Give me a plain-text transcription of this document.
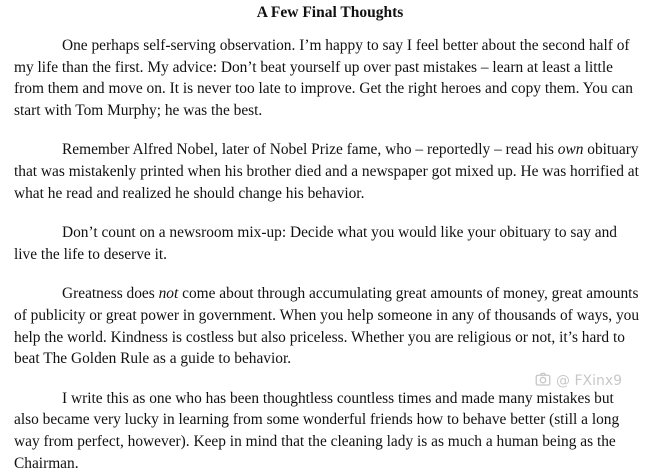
A Few Final Thoughts

One perhaps self-serving observation. I’m happy to say I feel better about the second half of
my life than the first. My advice: Don’t beat yourself up over past mistakes – learn at least a little
from them and move on. It is never too late to improve. Get the right heroes and copy them. You can
start with Tom Murphy; he was the best.

Remember Alfred Nobel, later of Nobel Prize fame, who – reportedly – read his own obituary
that was mistakenly printed when his brother died and a newspaper got mixed up. He was horrified at
what he read and realized he should change his behavior.

Don’t count on a newsroom mix-up: Decide what you would like your obituary to say and
live the life to deserve it.

Greatness does not come about through accumulating great amounts of money, great amounts
of publicity or great power in government. When you help someone in any of thousands of ways, you
help the world. Kindness is costless but also priceless. Whether you are religious or not, it’s hard to
beat The Golden Rule as a guide to behavior.

I write this as one who has been thoughtless countless times and made many mistakes but
also became very lucky in learning from some wonderful friends how to behave better (still a long
way from perfect, however). Keep in mind that the cleaning lady is as much a human being as the
Chairman.

@ FXinx9
